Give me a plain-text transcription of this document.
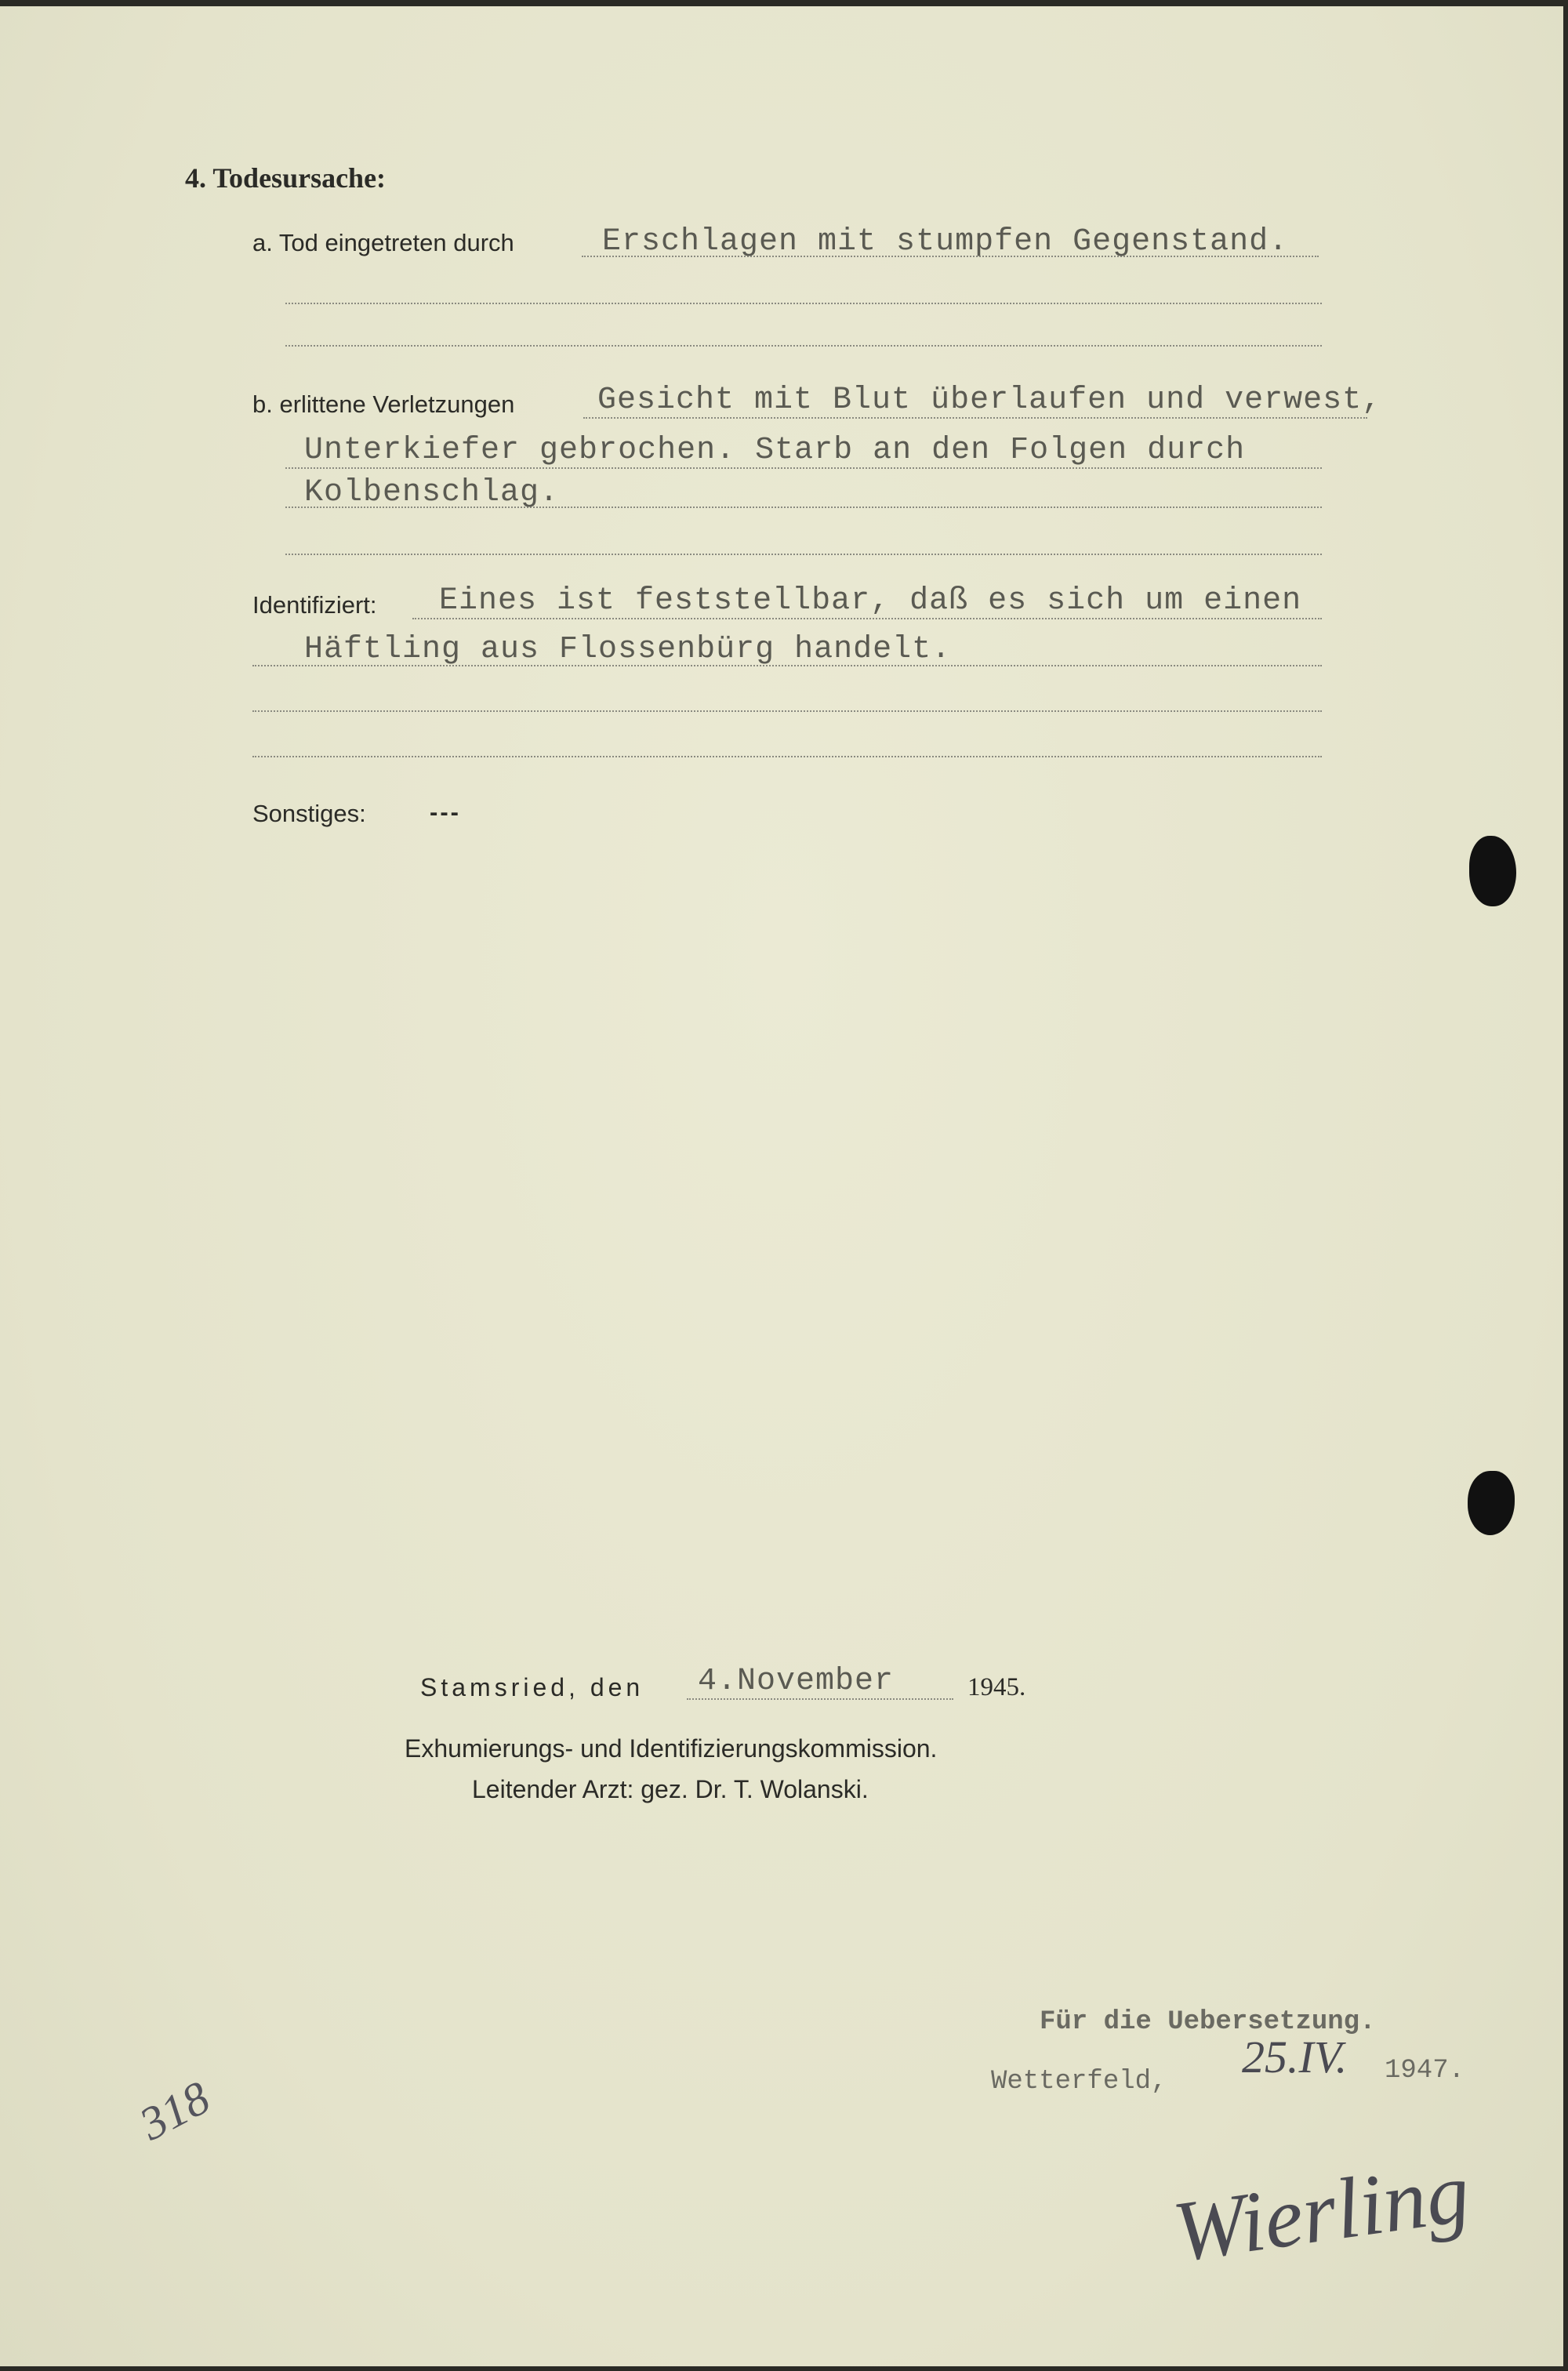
4. Todesursache:
a. Tod eingetreten durch	Erschlagen mit stumpfen Gegenstand.
b. erlittene Verletzungen	Gesicht mit Blut überlaufen und verwest,
Unterkiefer gebrochen. Starb an den Folgen durch
Kolbenschlag.
Identifiziert: Eines ist feststellbar, daß es sich um einen
Häftling aus Flossenbürg handelt.
Sonstiges:	---
Stamsried, den 4.November	1945.
Exhumierungs- und Identifizierungskommission.
Leitender Arzt: gez. Dr. T. Wolanski.
Für die Uebersetzung.
Wetterfeld, 25.IV. 1947.
Wierling
318
